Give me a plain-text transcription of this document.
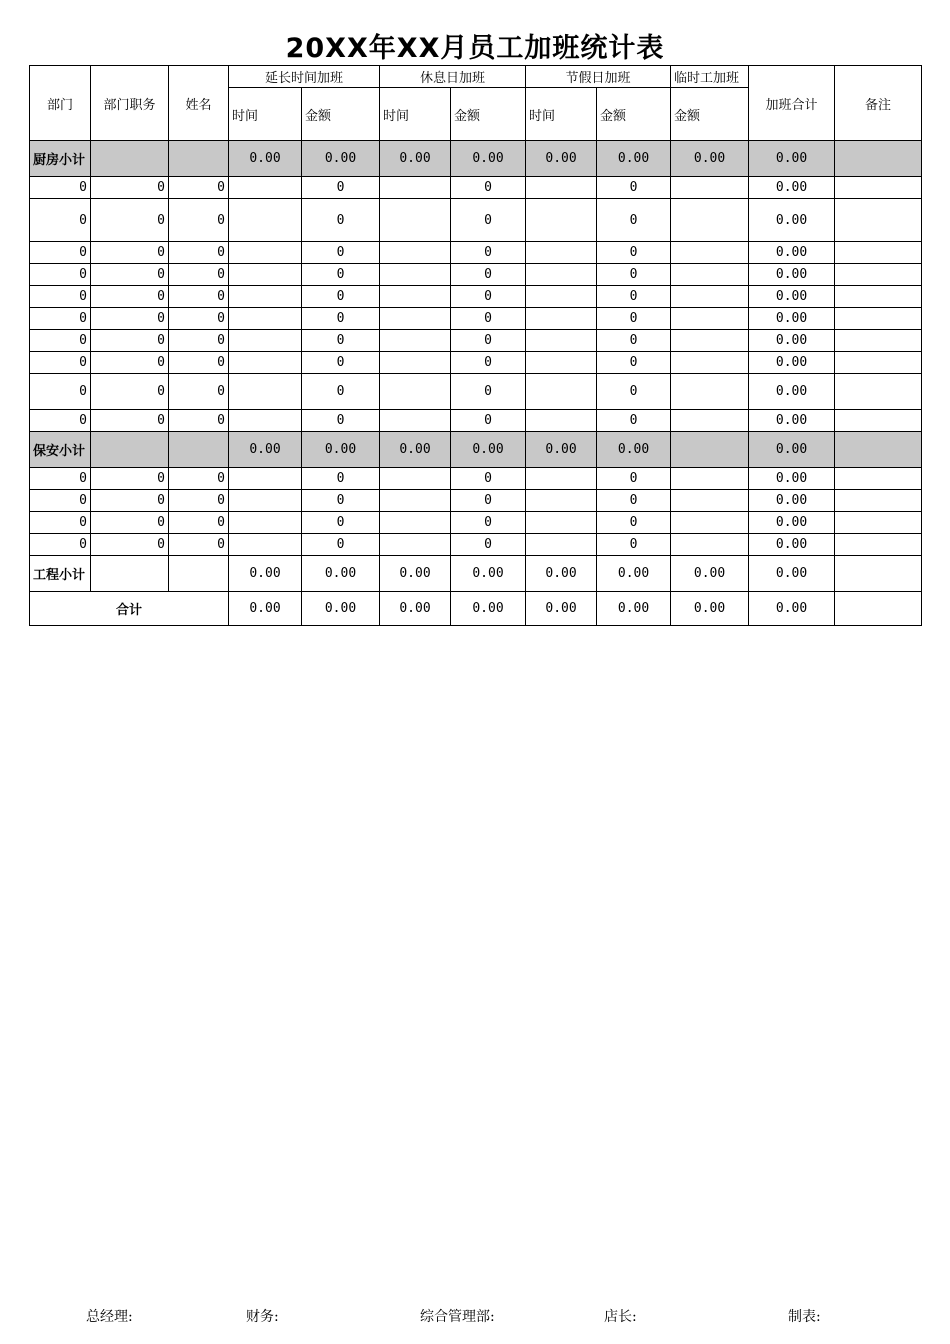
20XX年XX月员工加班统计表
部门	部门职务	姓名	延长时间加班		休息日加班		节假日加班		临时工加班	加班合计	备注
			时间	金额	时间	金额	时间	金额	金额		
厨房小计			0.00	0.00	0.00	0.00	0.00	0.00	0.00	0.00	
0	0	0		0		0		0		0.00	
0	0	0		0		0		0		0.00	
0	0	0		0		0		0		0.00	
0	0	0		0		0		0		0.00	
0	0	0		0		0		0		0.00	
0	0	0		0		0		0		0.00	
0	0	0		0		0		0		0.00	
0	0	0		0		0		0		0.00	
0	0	0		0		0		0		0.00	
0	0	0		0		0		0		0.00	
保安小计			0.00	0.00	0.00	0.00	0.00	0.00		0.00	
0	0	0		0		0		0		0.00	
0	0	0		0		0		0		0.00	
0	0	0		0		0		0		0.00	
0	0	0		0		0		0		0.00	
工程小计			0.00	0.00	0.00	0.00	0.00	0.00	0.00	0.00	
合计			0.00	0.00	0.00	0.00	0.00	0.00	0.00	0.00	
总经理:	财务:	综合管理部:	店长:	制表:
